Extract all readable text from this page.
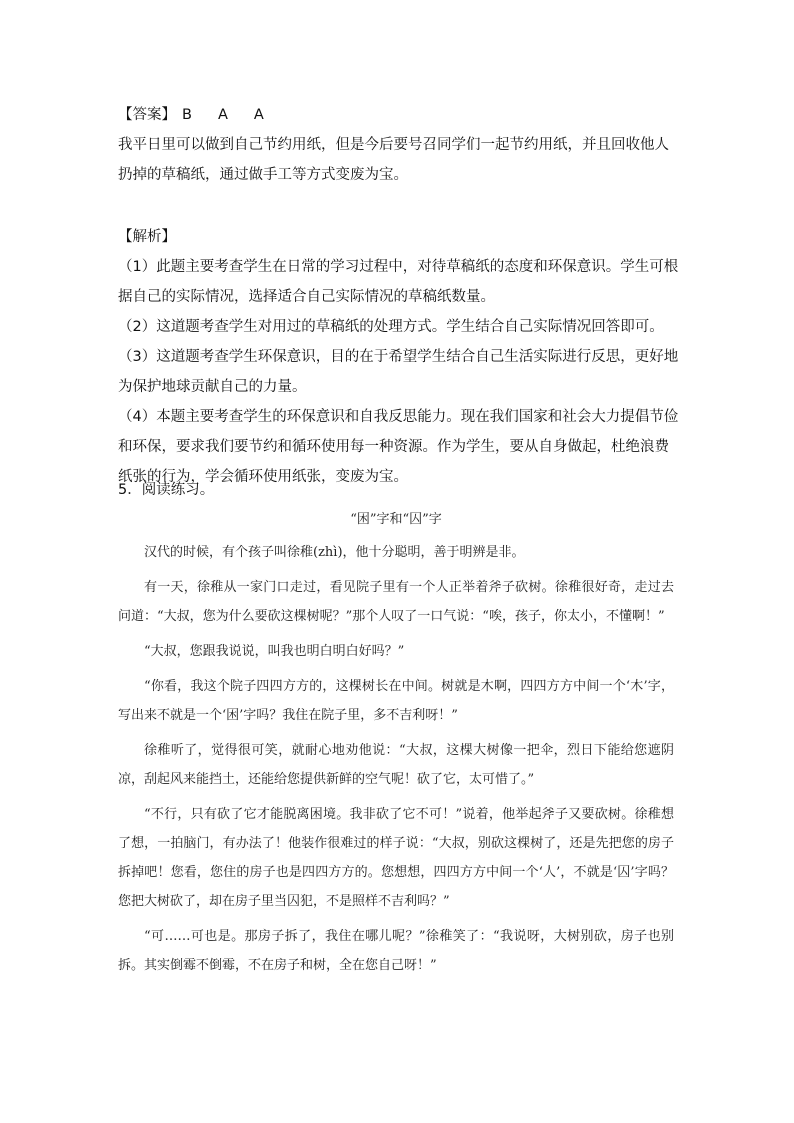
【答案】 B A A

我平日里可以做到自己节约用纸，但是今后要号召同学们一起节约用纸，并且回收他人扔掉的草稿纸，通过做手工等方式变废为宝。

【解析】

（1）此题主要考查学生在日常的学习过程中，对待草稿纸的态度和环保意识。学生可根据自己的实际情况，选择适合自己实际情况的草稿纸数量。

（2）这道题考查学生对用过的草稿纸的处理方式。学生结合自己实际情况回答即可。

（3）这道题考查学生环保意识，目的在于希望学生结合自己生活实际进行反思，更好地为保护地球贡献自己的力量。

（4）本题主要考查学生的环保意识和自我反思能力。现在我们国家和社会大力提倡节俭和环保，要求我们要节约和循环使用每一种资源。作为学生，要从自身做起，杜绝浪费纸张的行为，学会循环使用纸张，变废为宝。

5．阅读练习。
“困”字和“囚”字

汉代的时候，有个孩子叫徐稚(zhì)，他十分聪明，善于明辨是非。

有一天，徐稚从一家门口走过，看见院子里有一个人正举着斧子砍树。徐稚很好奇，走过去问道：“大叔，您为什么要砍这棵树呢？”那个人叹了一口气说：“唉，孩子，你太小，不懂啊！”

“大叔，您跟我说说，叫我也明白明白好吗？”

“你看，我这个院子四四方方的，这棵树长在中间。树就是木啊，四四方方中间一个‘木’字，写出来不就是一个‘困’字吗？我住在院子里，多不吉利呀！”

徐稚听了，觉得很可笑，就耐心地劝他说：“大叔，这棵大树像一把伞，烈日下能给您遮阴凉，刮起风来能挡土，还能给您提供新鲜的空气呢！砍了它，太可惜了。”

“不行，只有砍了它才能脱离困境。我非砍了它不可！”说着，他举起斧子又要砍树。徐稚想了想，一拍脑门，有办法了！他装作很难过的样子说：“大叔，别砍这棵树了，还是先把您的房子拆掉吧！您看，您住的房子也是四四方方的。您想想，四四方方中间一个‘人’，不就是‘囚’字吗？您把大树砍了，却在房子里当囚犯，不是照样不吉利吗？”

“可……可也是。那房子拆了，我住在哪儿呢？”徐稚笑了：“我说呀，大树别砍，房子也别拆。其实倒霉不倒霉，不在房子和树，全在您自己呀！”
